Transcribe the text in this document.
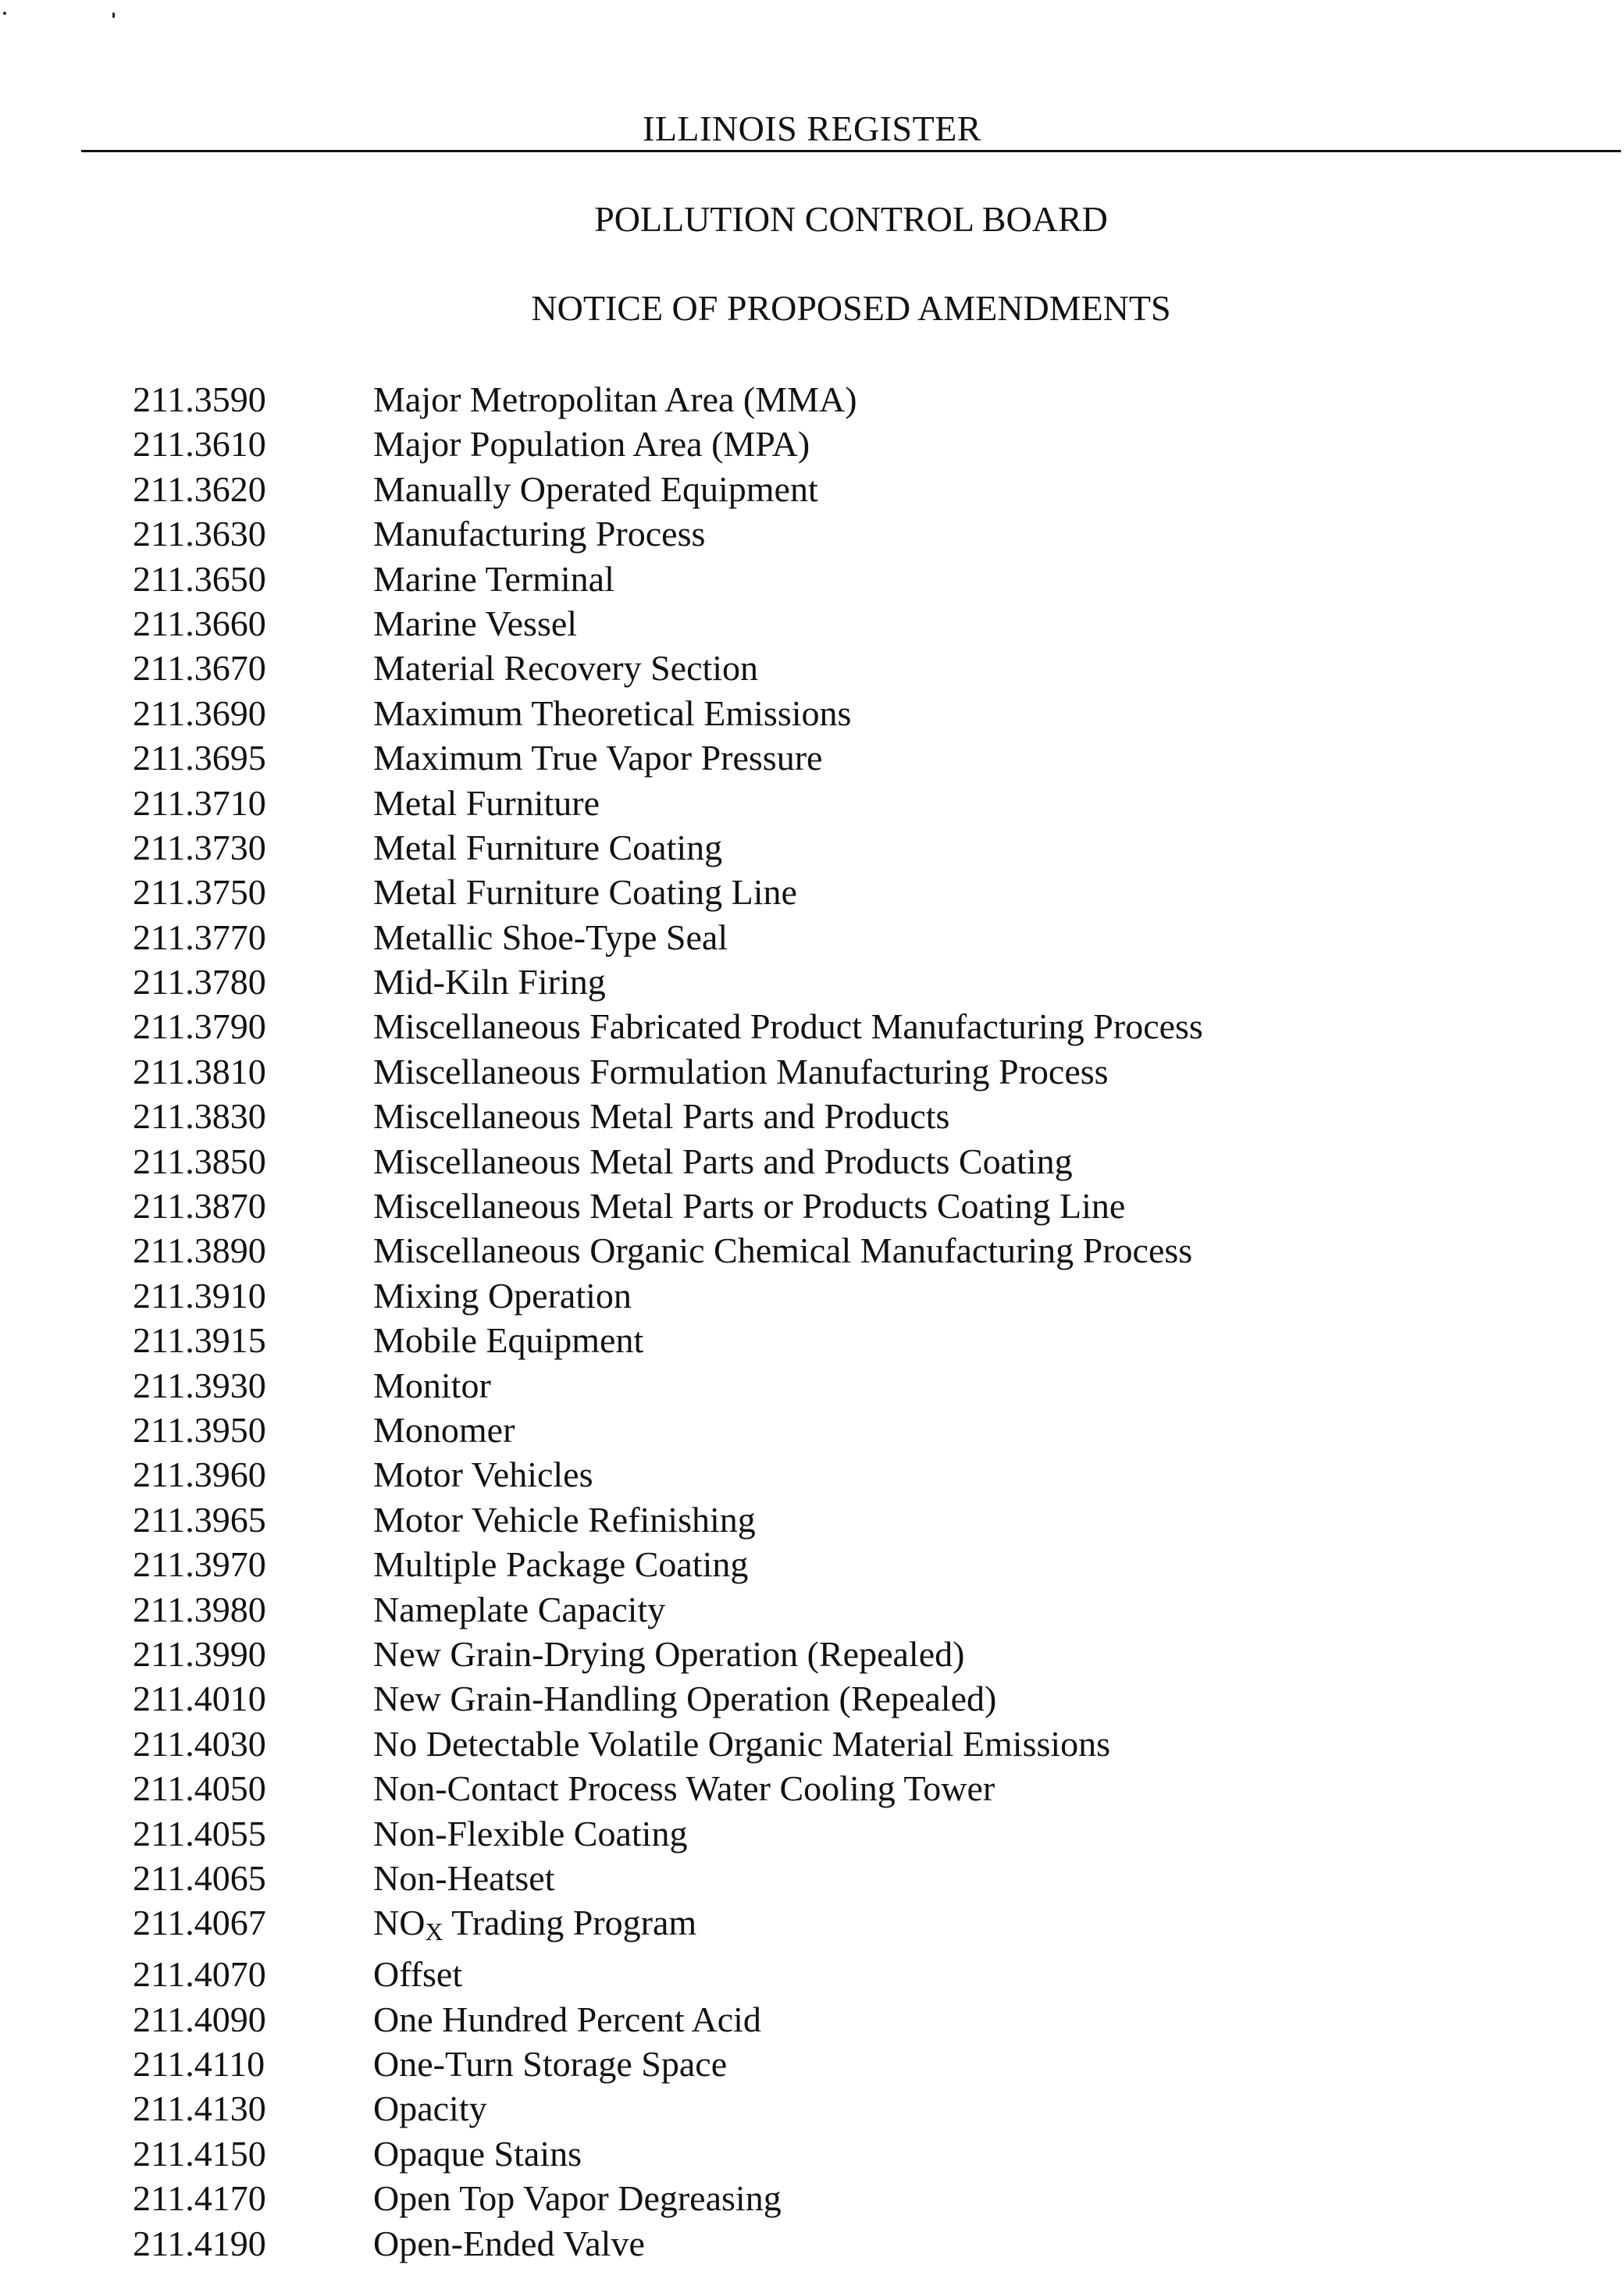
ILLINOIS REGISTER
POLLUTION CONTROL BOARD
NOTICE OF PROPOSED AMENDMENTS
211.3590	Major Metropolitan Area (MMA)
211.3610	Major Population Area (MPA)
211.3620	Manually Operated Equipment
211.3630	Manufacturing Process
211.3650	Marine Terminal
211.3660	Marine Vessel
211.3670	Material Recovery Section
211.3690	Maximum Theoretical Emissions
211.3695	Maximum True Vapor Pressure
211.3710	Metal Furniture
211.3730	Metal Furniture Coating
211.3750	Metal Furniture Coating Line
211.3770	Metallic Shoe-Type Seal
211.3780	Mid-Kiln Firing
211.3790	Miscellaneous Fabricated Product Manufacturing Process
211.3810	Miscellaneous Formulation Manufacturing Process
211.3830	Miscellaneous Metal Parts and Products
211.3850	Miscellaneous Metal Parts and Products Coating
211.3870	Miscellaneous Metal Parts or Products Coating Line
211.3890	Miscellaneous Organic Chemical Manufacturing Process
211.3910	Mixing Operation
211.3915	Mobile Equipment
211.3930	Monitor
211.3950	Monomer
211.3960	Motor Vehicles
211.3965	Motor Vehicle Refinishing
211.3970	Multiple Package Coating
211.3980	Nameplate Capacity
211.3990	New Grain-Drying Operation (Repealed)
211.4010	New Grain-Handling Operation (Repealed)
211.4030	No Detectable Volatile Organic Material Emissions
211.4050	Non-Contact Process Water Cooling Tower
211.4055	Non-Flexible Coating
211.4065	Non-Heatset
211.4067	$NO_X$ Trading Program
211.4070	Offset
211.4090	One Hundred Percent Acid
211.4110	One-Turn Storage Space
211.4130	Opacity
211.4150	Opaque Stains
211.4170	Open Top Vapor Degreasing
211.4190	Open-Ended Valve
